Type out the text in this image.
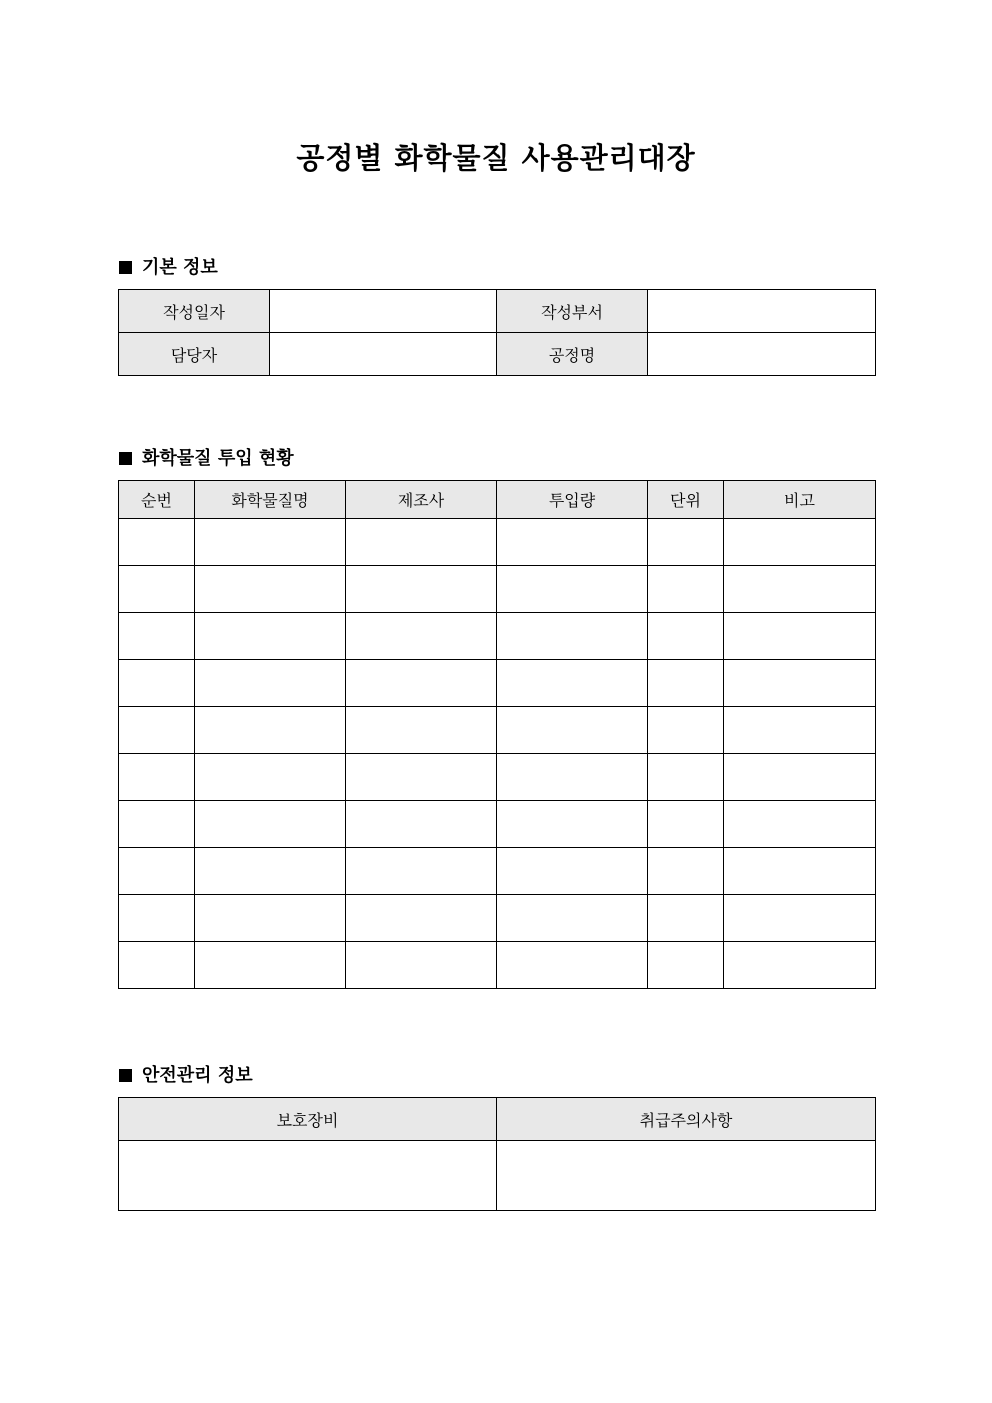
공정별 화학물질 사용관리대장
기본 정보
작성일자		작성부서	
담당자		공정명	
화학물질 투입 현황
순번	화학물질명	제조사	투입량	단위	비고

안전관리 정보
보호장비	취급주의사항
